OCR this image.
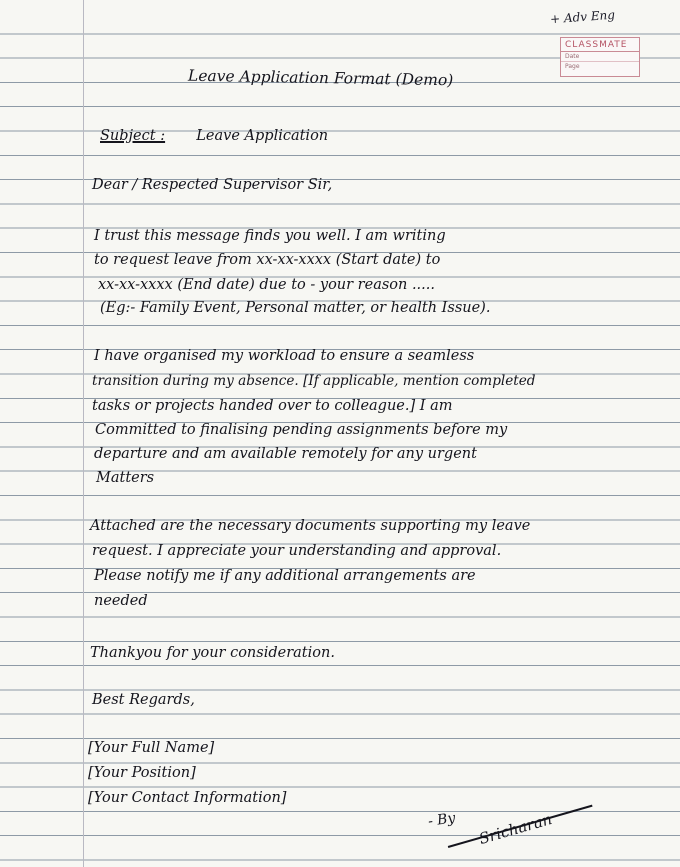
+ Adv Eng
CLASSMATE
Date
Page
Leave Application Format (Demo)
Subject : Leave Application
Dear / Respected Supervisor Sir,
I trust this message finds you well. I am writing
to request leave from xx-xx-xxxx (Start date) to
xx-xx-xxxx (End date) due to - your reason .....
(Eg:- Family Event, Personal matter, or health Issue).
I have organised my workload to ensure a seamless
transition during my absence. [If applicable, mention completed
tasks or projects handed over to colleague.] I am
Committed to finalising pending assignments before my
departure and am available remotely for any urgent
Matters
Attached are the necessary documents supporting my leave
request. I appreciate your understanding and approval.
Please notify me if any additional arrangements are
needed
Thankyou for your consideration.
Best Regards,
[Your Full Name]
[Your Position]
[Your Contact Information]
- By Sricharan
